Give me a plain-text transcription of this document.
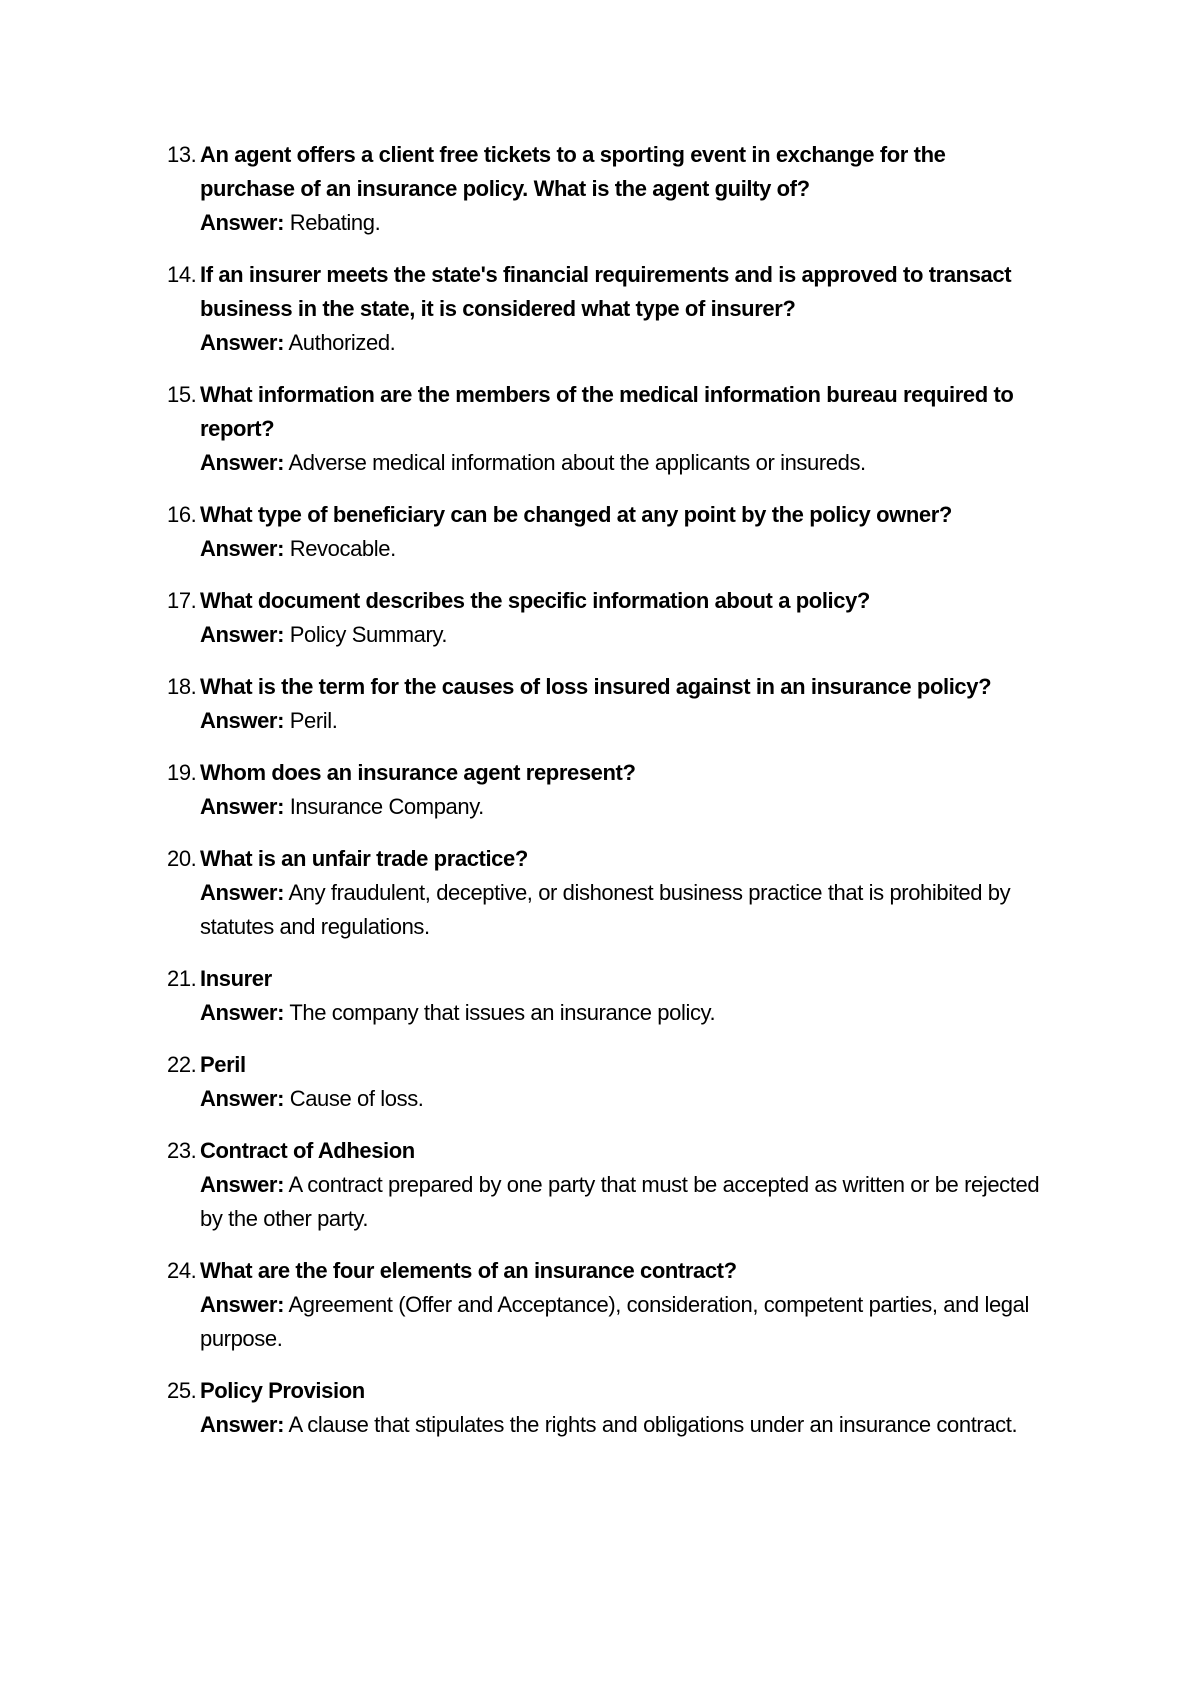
13. An agent offers a client free tickets to a sporting event in exchange for the purchase of an insurance policy. What is the agent guilty of?
Answer: Rebating.
14. If an insurer meets the state's financial requirements and is approved to transact business in the state, it is considered what type of insurer?
Answer: Authorized.
15. What information are the members of the medical information bureau required to report?
Answer: Adverse medical information about the applicants or insureds.
16. What type of beneficiary can be changed at any point by the policy owner?
Answer: Revocable.
17. What document describes the specific information about a policy?
Answer: Policy Summary.
18. What is the term for the causes of loss insured against in an insurance policy?
Answer: Peril.
19. Whom does an insurance agent represent?
Answer: Insurance Company.
20. What is an unfair trade practice?
Answer: Any fraudulent, deceptive, or dishonest business practice that is prohibited by statutes and regulations.
21. Insurer
Answer: The company that issues an insurance policy.
22. Peril
Answer: Cause of loss.
23. Contract of Adhesion
Answer: A contract prepared by one party that must be accepted as written or be rejected by the other party.
24. What are the four elements of an insurance contract?
Answer: Agreement (Offer and Acceptance), consideration, competent parties, and legal purpose.
25. Policy Provision
Answer: A clause that stipulates the rights and obligations under an insurance contract.
